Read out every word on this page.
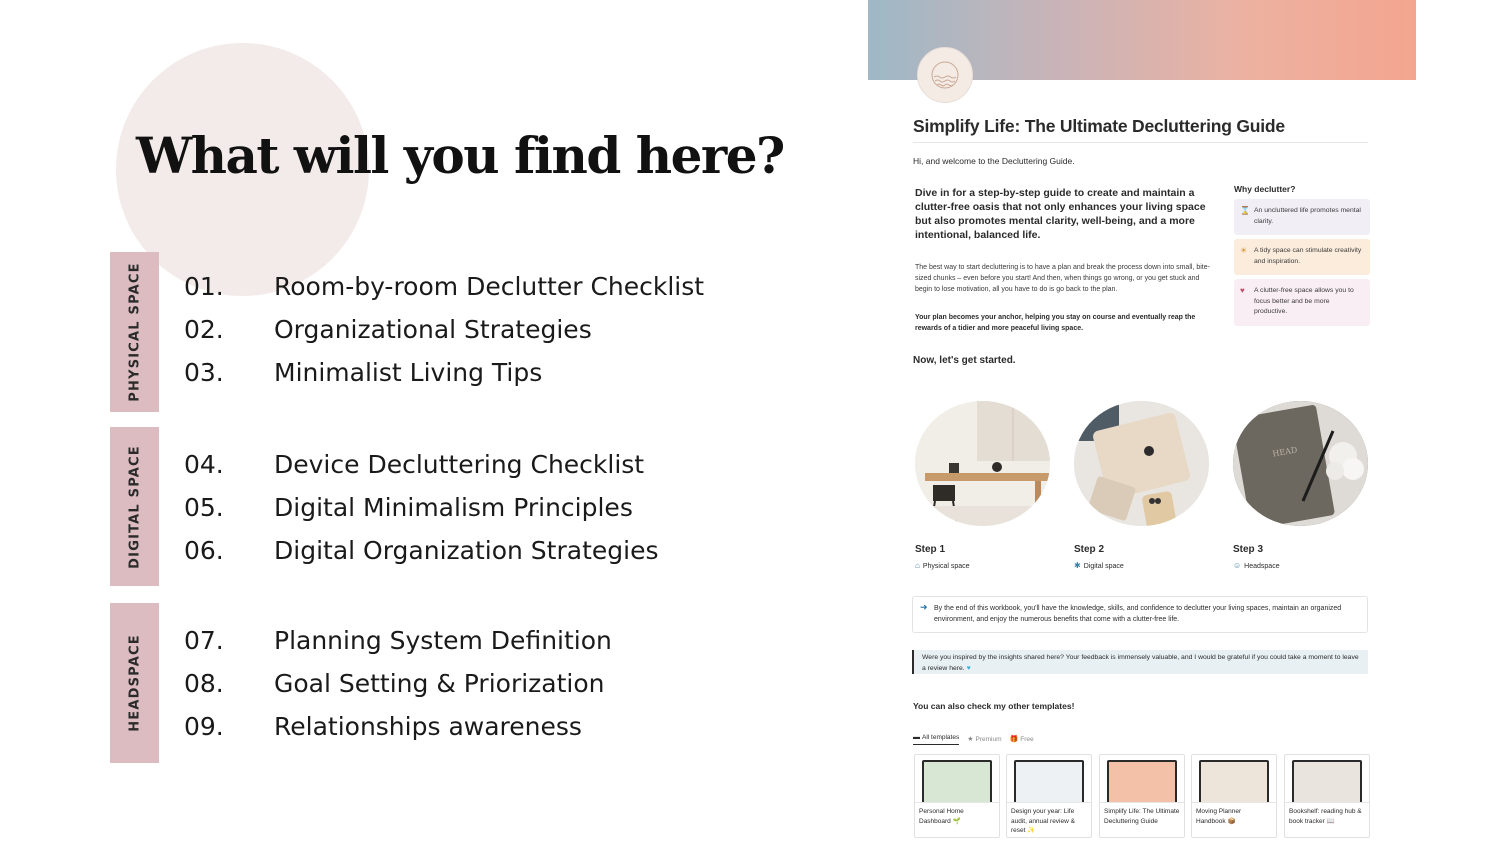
What will you find here?
PHYSICAL SPACE
DIGITAL SPACE
HEADSPACE
01. Room-by-room Declutter Checklist
02. Organizational Strategies
03. Minimalist Living Tips
04. Device Decluttering Checklist
05. Digital Minimalism Principles
06. Digital Organization Strategies
07. Planning System Definition
08. Goal Setting & Priorization
09. Relationships awareness
Simplify Life: The Ultimate Decluttering Guide
Hi, and welcome to the Decluttering Guide.
Dive in for a step-by-step guide to create and maintain a clutter-free oasis that not only enhances your living space but also promotes mental clarity, well-being, and a more intentional, balanced life.
The best way to start decluttering is to have a plan and break the process down into small, bite-sized chunks – even before you start! And then, when things go wrong, or you get stuck and begin to lose motivation, all you have to do is go back to the plan.
Your plan becomes your anchor, helping you stay on course and eventually reap the rewards of a tidier and more peaceful living space.
Why declutter?
⌛ An uncluttered life promotes mental clarity.
☀ A tidy space can stimulate creativity and inspiration.
♥ A clutter-free space allows you to focus better and be more productive.
Now, let's get started.
HEAD
Step 1
⌂ Physical space
Step 2
✱ Digital space
Step 3
☺ Headspace
➜ By the end of this workbook, you'll have the knowledge, skills, and confidence to declutter your living spaces, maintain an organized environment, and enjoy the numerous benefits that come with a clutter-free life.
Were you inspired by the insights shared here? Your feedback is immensely valuable, and I would be grateful if you could take a moment to leave a review here. ♥
You can also check my other templates!
▬ All templates ★ Premium 🎁 Free
Personal Home Dashboard 🌱
Design your year: Life audit, annual review & reset ✨
Simplify Life: The Ultimate Decluttering Guide
Moving Planner Handbook 📦
Bookshelf: reading hub & book tracker 📖
